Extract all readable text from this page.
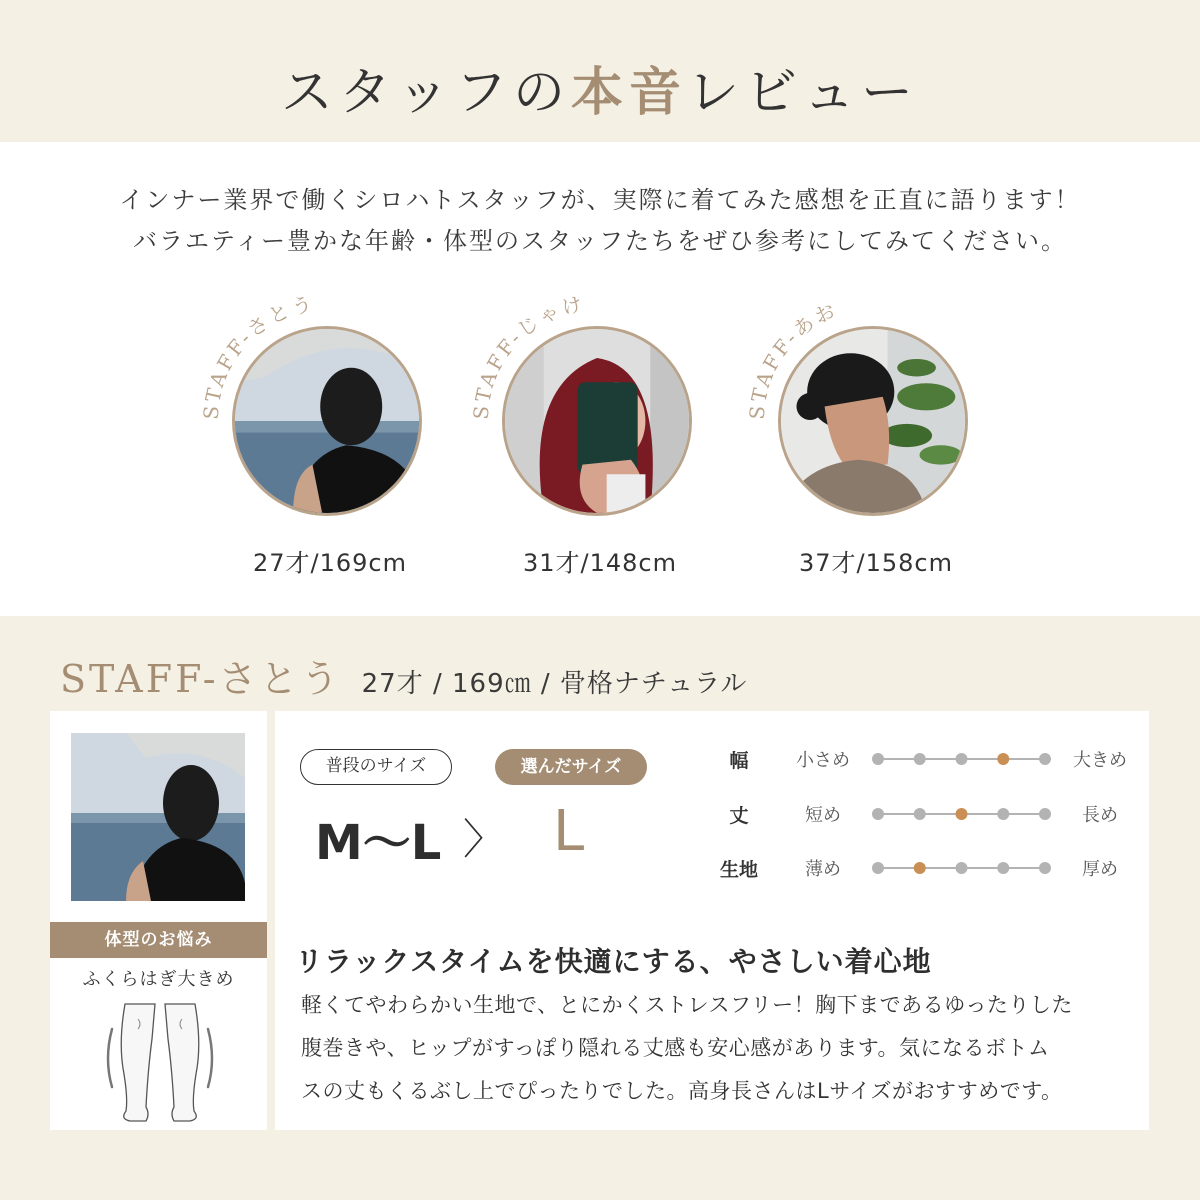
スタッフの本音レビュー
インナー業界で働くシロハトスタッフが、実際に着てみた感想を正直に語ります！
バラエティー豊かな年齢・体型のスタッフたちをぜひ参考にしてみてください。
STAFF-さとう
27才/169cm
STAFF-じゃけ
31才/148cm
STAFF-あお
37才/158cm
STAFF-さとう 27才 / 169㎝ / 骨格ナチュラル
体型のお悩み
ふくらはぎ大きめ
普段のサイズ	選んだサイズ
M〜L 〉 L
幅	小さめ	大きめ
丈	短め	長め
生地	薄め	厚め
リラックスタイムを快適にする、やさしい着心地
軽くてやわらかい生地で、とにかくストレスフリー！胸下まであるゆったりした
腹巻きや、ヒップがすっぽり隠れる丈感も安心感があります。気になるボトム
スの丈もくるぶし上でぴったりでした。高身長さんはLサイズがおすすめです。
